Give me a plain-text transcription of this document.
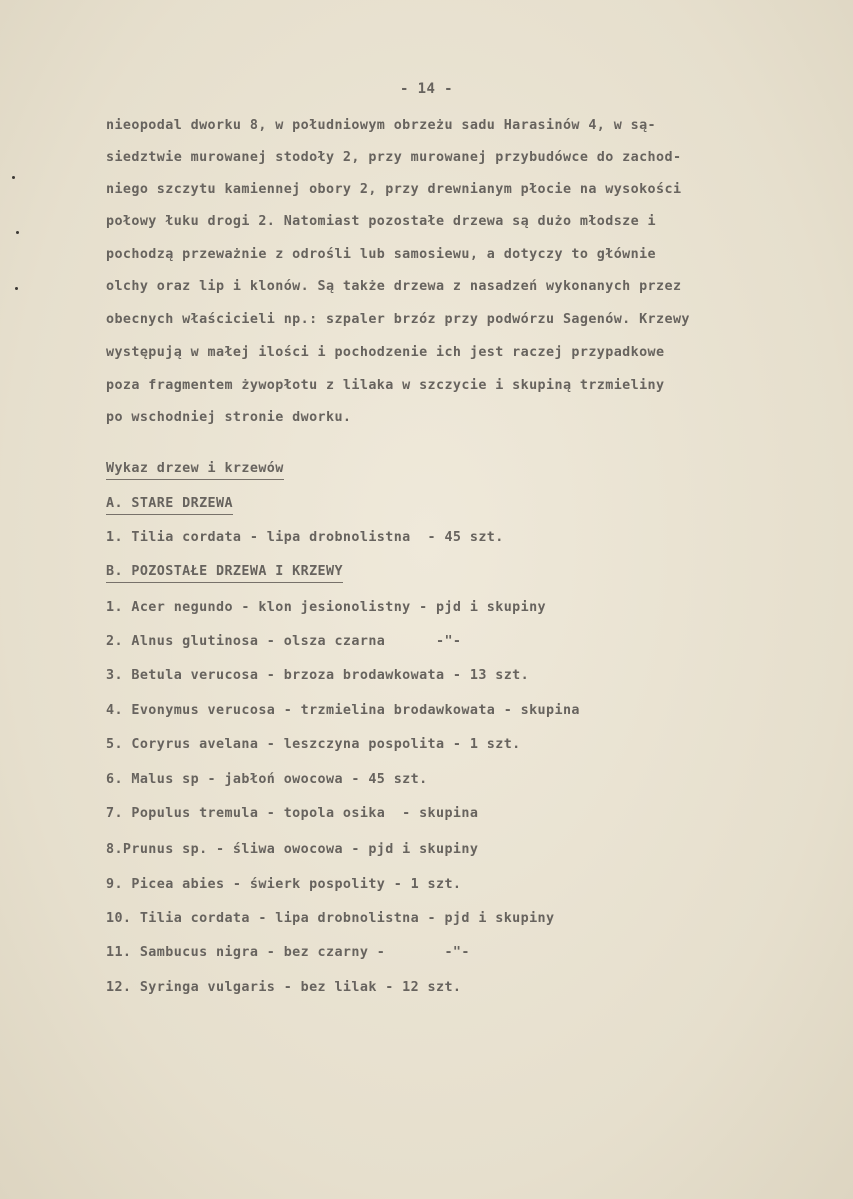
- 14 -

nieopodal dworku 8, w południowym obrzeżu sadu Harasinów 4, w są-

siedztwie murowanej stodoły 2, przy murowanej przybudówce do zachod-

niego szczytu kamiennej obory 2, przy drewnianym płocie na wysokości

połowy łuku drogi 2. Natomiast pozostałe drzewa są dużo młodsze i

pochodzą przeważnie z odrośli lub samosiewu, a dotyczy to głównie

olchy oraz lip i klonów. Są także drzewa z nasadzeń wykonanych przez

obecnych właścicieli np.: szpaler brzóz przy podwórzu Sagenów. Krzewy

występują w małej ilości i pochodzenie ich jest raczej przypadkowe

poza fragmentem żywopłotu z lilaka w szczycie i skupiną trzmieliny

po wschodniej stronie dworku.

Wykaz drzew i krzewów

A. STARE DRZEWA

1. Tilia cordata - lipa drobnolistna  - 45 szt.

B. POZOSTAŁE DRZEWA I KRZEWY

1. Acer negundo - klon jesionolistny - pjd i skupiny

2. Alnus glutinosa - olsza czarna      -"-

3. Betula verucosa - brzoza brodawkowata - 13 szt.

4. Evonymus verucosa - trzmielina brodawkowata - skupina

5. Coryrus avelana - leszczyna pospolita - 1 szt.

6. Malus sp - jabłoń owocowa - 45 szt.

7. Populus tremula - topola osika  - skupina

8.Prunus sp. - śliwa owocowa - pjd i skupiny

9. Picea abies - świerk pospolity - 1 szt.

10. Tilia cordata - lipa drobnolistna - pjd i skupiny

11. Sambucus nigra - bez czarny -       -"-

12. Syringa vulgaris - bez lilak - 12 szt.
